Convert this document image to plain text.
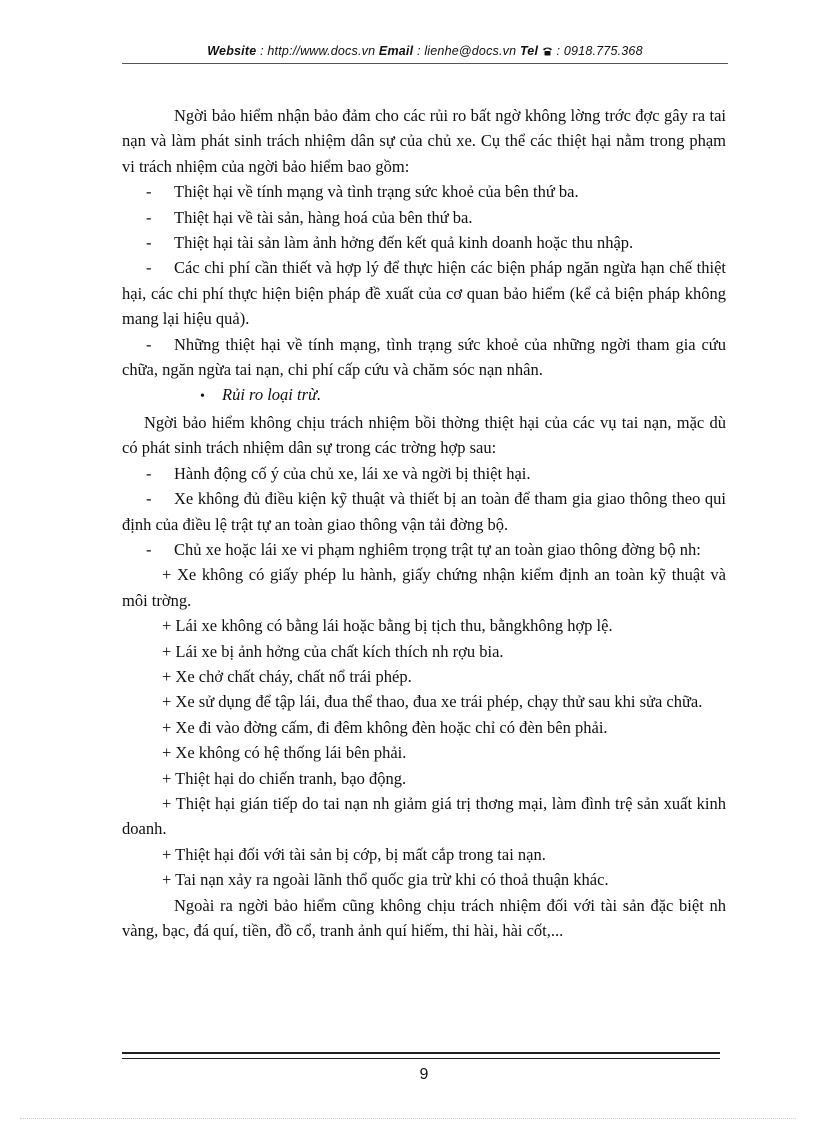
Website : http://www.docs.vn Email : lienhe@docs.vn Tel : 0918.775.368

Ngời bảo hiểm nhận bảo đảm cho các rủi ro bất ngờ không lờng trớc đợc gây ra tai nạn và làm phát sinh trách nhiệm dân sự của chủ xe. Cụ thể các thiệt hại nằm trong phạm vi trách nhiệm của ngời bảo hiểm bao gồm:

- Thiệt hại về tính mạng và tình trạng sức khoẻ của bên thứ ba.

- Thiệt hại về tài sản, hàng hoá của bên thứ ba.

- Thiệt hại tài sản làm ảnh hởng đến kết quả kinh doanh hoặc thu nhập.

- Các chi phí cần thiết và hợp lý để thực hiện các biện pháp ngăn ngừa hạn chế thiệt hại, các chi phí thực hiện biện pháp đề xuất của cơ quan bảo hiểm (kể cả biện pháp không mang lại hiệu quả).

- Những thiệt hại về tính mạng, tình trạng sức khoẻ của những ngời tham gia cứu chữa, ngăn ngừa tai nạn, chi phí cấp cứu và chăm sóc nạn nhân.

• Rủi ro loại trừ.

Ngời bảo hiểm không chịu trách nhiệm bồi thờng thiệt hại của các vụ tai nạn, mặc dù có phát sinh trách nhiệm dân sự trong các trờng hợp sau:

- Hành động cố ý của chủ xe, lái xe và ngời bị thiệt hại.

- Xe không đủ điều kiện kỹ thuật và thiết bị an toàn để tham gia giao thông theo qui định của điều lệ trật tự an toàn giao thông vận tải đờng bộ.

- Chủ xe hoặc lái xe vi phạm nghiêm trọng trật tự an toàn giao thông đờng bộ nh:

+ Xe không có giấy phép lu hành, giấy chứng nhận kiểm định an toàn kỹ thuật và môi trờng.

+ Lái xe không có bằng lái hoặc bằng bị tịch thu, bằngkhông hợp lệ.

+ Lái xe bị ảnh hởng của chất kích thích nh rợu bia.

+ Xe chở chất cháy, chất nổ trái phép.

+ Xe sử dụng để tập lái, đua thể thao, đua xe trái phép, chạy thử sau khi sửa chữa.

+ Xe đi vào đờng cấm, đi đêm không đèn hoặc chỉ có đèn bên phải.

+ Xe không có hệ thống lái bên phải.

+ Thiệt hại do chiến tranh, bạo động.

+ Thiệt hại gián tiếp do tai nạn nh giảm giá trị thơng mại, làm đình trệ sản xuất kinh doanh.

+ Thiệt hại đối với tài sản bị cớp, bị mất cắp trong tai nạn.

+ Tai nạn xảy ra ngoài lãnh thổ quốc gia trừ khi có thoả thuận khác.

Ngoài ra ngời bảo hiểm cũng không chịu trách nhiệm đối với tài sản đặc biệt nh vàng, bạc, đá quí, tiền, đồ cổ, tranh ảnh quí hiếm, thi hài, hài cốt,...

9
